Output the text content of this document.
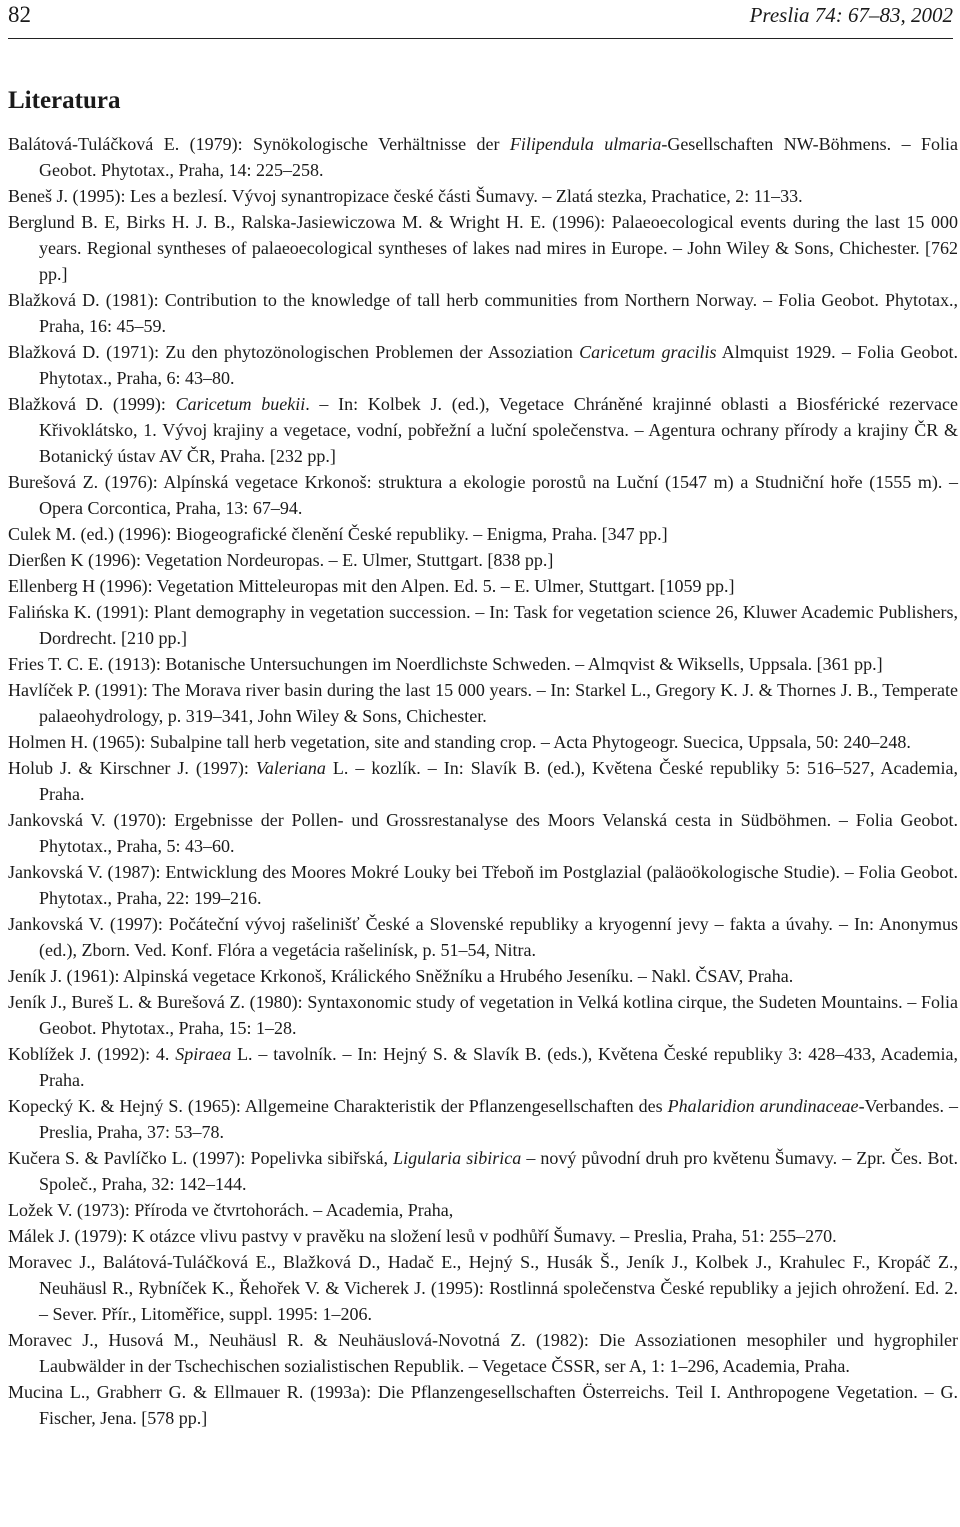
82	Preslia 74: 67–83, 2002
Literatura
Balátová-Tuláčková E. (1979): Synökologische Verhältnisse der Filipendula ulmaria-Gesellschaften NW-Böhmens. – Folia Geobot. Phytotax., Praha, 14: 225–258.
Beneš J. (1995): Les a bezlesí. Vývoj synantropizace české části Šumavy. – Zlatá stezka, Prachatice, 2: 11–33.
Berglund B. E, Birks H. J. B., Ralska-Jasiewiczowa M. & Wright H. E. (1996): Palaeoecological events during the last 15 000 years. Regional syntheses of palaeoecological syntheses of lakes nad mires in Europe. – John Wiley & Sons, Chichester. [762 pp.]
Blažková D. (1981): Contribution to the knowledge of tall herb communities from Northern Norway. – Folia Geobot. Phytotax., Praha, 16: 45–59.
Blažková D. (1971): Zu den phytozönologischen Problemen der Assoziation Caricetum gracilis Almquist 1929. – Folia Geobot. Phytotax., Praha, 6: 43–80.
Blažková D. (1999): Caricetum buekii. – In: Kolbek J. (ed.), Vegetace Chráněné krajinné oblasti a Biosférické rezervace Křivoklátsko, 1. Vývoj krajiny a vegetace, vodní, pobřežní a luční společenstva. – Agentura ochrany přírody a krajiny ČR & Botanický ústav AV ČR, Praha. [232 pp.]
Burešová Z. (1976): Alpínská vegetace Krkonoš: struktura a ekologie porostů na Luční (1547 m) a Studniční hoře (1555 m). – Opera Corcontica, Praha, 13: 67–94.
Culek M. (ed.) (1996): Biogeografické členění České republiky. – Enigma, Praha. [347 pp.]
Dierßen K (1996): Vegetation Nordeuropas. – E. Ulmer, Stuttgart. [838 pp.]
Ellenberg H (1996): Vegetation Mitteleuropas mit den Alpen. Ed. 5. – E. Ulmer, Stuttgart. [1059 pp.]
Falińska K. (1991): Plant demography in vegetation succession. – In: Task for vegetation science 26, Kluwer Academic Publishers, Dordrecht. [210 pp.]
Fries T. C. E. (1913): Botanische Untersuchungen im Noerdlichste Schweden. – Almqvist & Wiksells, Uppsala. [361 pp.]
Havlíček P. (1991): The Morava river basin during the last 15 000 years. – In: Starkel L., Gregory K. J. & Thornes J. B., Temperate palaeohydrology, p. 319–341, John Wiley & Sons, Chichester.
Holmen H. (1965): Subalpine tall herb vegetation, site and standing crop. – Acta Phytogeogr. Suecica, Uppsala, 50: 240–248.
Holub J. & Kirschner J. (1997): Valeriana L. – kozlík. – In: Slavík B. (ed.), Květena České republiky 5: 516–527, Academia, Praha.
Jankovská V. (1970): Ergebnisse der Pollen- und Grossrestanalyse des Moors Velanská cesta in Südböhmen. – Folia Geobot. Phytotax., Praha, 5: 43–60.
Jankovská V. (1987): Entwicklung des Moores Mokré Louky bei Třeboň im Postglazial (paläoökologische Studie). – Folia Geobot. Phytotax., Praha, 22: 199–216.
Jankovská V. (1997): Počáteční vývoj rašelinišť České a Slovenské republiky a kryogenní jevy – fakta a úvahy. – In: Anonymus (ed.), Zborn. Ved. Konf. Flóra a vegetácia rašelinísk, p. 51–54, Nitra.
Jeník J. (1961): Alpinská vegetace Krkonoš, Králického Sněžníku a Hrubého Jeseníku. – Nakl. ČSAV, Praha.
Jeník J., Bureš L. & Burešová Z. (1980): Syntaxonomic study of vegetation in Velká kotlina cirque, the Sudeten Mountains. – Folia Geobot. Phytotax., Praha, 15: 1–28.
Koblížek J. (1992): 4. Spiraea L. – tavolník. – In: Hejný S. & Slavík B. (eds.), Květena České republiky 3: 428–433, Academia, Praha.
Kopecký K. & Hejný S. (1965): Allgemeine Charakteristik der Pflanzengesellschaften des Phalaridion arundinaceae-Verbandes. – Preslia, Praha, 37: 53–78.
Kučera S. & Pavlíčko L. (1997): Popelivka sibiřská, Ligularia sibirica – nový původní druh pro květenu Šumavy. – Zpr. Čes. Bot. Společ., Praha, 32: 142–144.
Ložek V. (1973): Příroda ve čtvrtohorách. – Academia, Praha,
Málek J. (1979): K otázce vlivu pastvy v pravěku na složení lesů v podhůří Šumavy. – Preslia, Praha, 51: 255–270.
Moravec J., Balátová-Tuláčková E., Blažková D., Hadač E., Hejný S., Husák Š., Jeník J., Kolbek J., Krahulec F., Kropáč Z., Neuhäusl R., Rybníček K., Řehořek V. & Vicherek J. (1995): Rostlinná společenstva České republiky a jejich ohrožení. Ed. 2. – Sever. Přír., Litoměřice, suppl. 1995: 1–206.
Moravec J., Husová M., Neuhäusl R. & Neuhäuslová-Novotná Z. (1982): Die Assoziationen mesophiler und hygrophiler Laubwälder in der Tschechischen sozialistischen Republik. – Vegetace ČSSR, ser A, 1: 1–296, Academia, Praha.
Mucina L., Grabherr G. & Ellmauer R. (1993a): Die Pflanzengesellschaften Österreichs. Teil I. Anthropogene Vegetation. – G. Fischer, Jena. [578 pp.]
